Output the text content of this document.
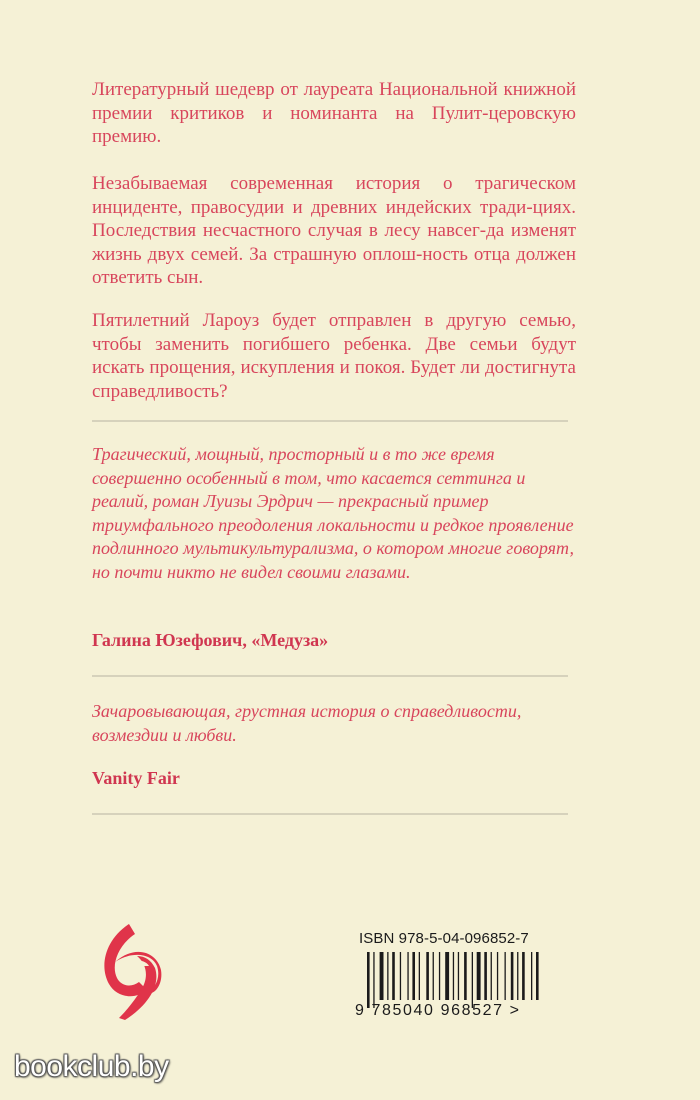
Литературный шедевр от лауреата Национальной книжной премии критиков и номинанта на Пулит-церовскую премию.

Незабываемая современная история о трагическом инциденте, правосудии и древних индейских тради-циях. Последствия несчастного случая в лесу навсег-да изменят жизнь двух семей. За страшную оплош-ность отца должен ответить сын.

Пятилетний Лароуз будет отправлен в другую семью, чтобы заменить погибшего ребенка. Две семьи будут искать прощения, искупления и покоя. Будет ли достигнута справедливость?

Трагический, мощный, просторный и в то же время совершенно особенный в том, что касается сеттинга и реалий, роман Луизы Эрдрич — прекрасный пример триумфального преодоления локальности и редкое проявление подлинного мультикультурализма, о котором многие говорят, но почти никто не видел своими глазами.

Галина Юзефович, «Медуза»

Зачаровывающая, грустная история о справедливости, возмездии и любви.

Vanity Fair

ISBN 978-5-04-096852-7
9 785040 968527 >
bookclub.by
